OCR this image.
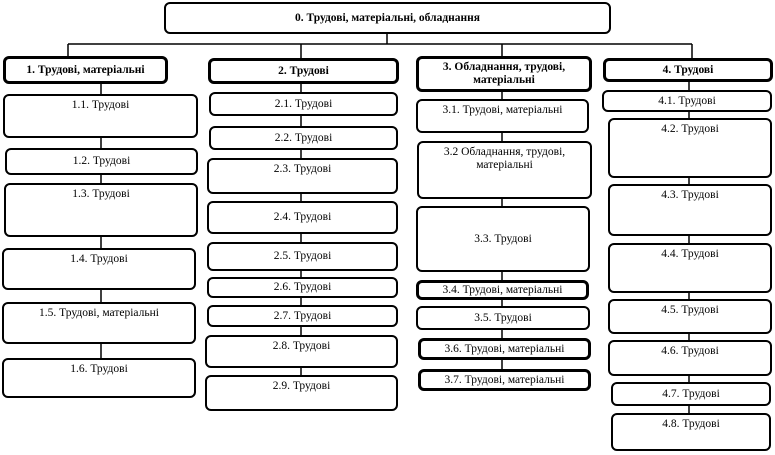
0. Трудові, матеріальні, обладнання
1. Трудові, матеріальні
1.1. Трудові
1.2. Трудові
1.3. Трудові
1.4. Трудові
1.5. Трудові, матеріальні
1.6. Трудові
2. Трудові
2.1. Трудові
2.2. Трудові
2.3. Трудові
2.4. Трудові
2.5. Трудові
2.6. Трудові
2.7. Трудові
2.8. Трудові
2.9. Трудові
3. Обладнання, трудові, матеріальні
3.1. Трудові, матеріальні
3.2 Обладнання, трудові, матеріальні
3.3. Трудові
3.4. Трудові, матеріальні
3.5. Трудові
3.6. Трудові, матеріальні
3.7. Трудові, матеріальні
4. Трудові
4.1. Трудові
4.2. Трудові
4.3. Трудові
4.4. Трудові
4.5. Трудові
4.6. Трудові
4.7. Трудові
4.8. Трудові
